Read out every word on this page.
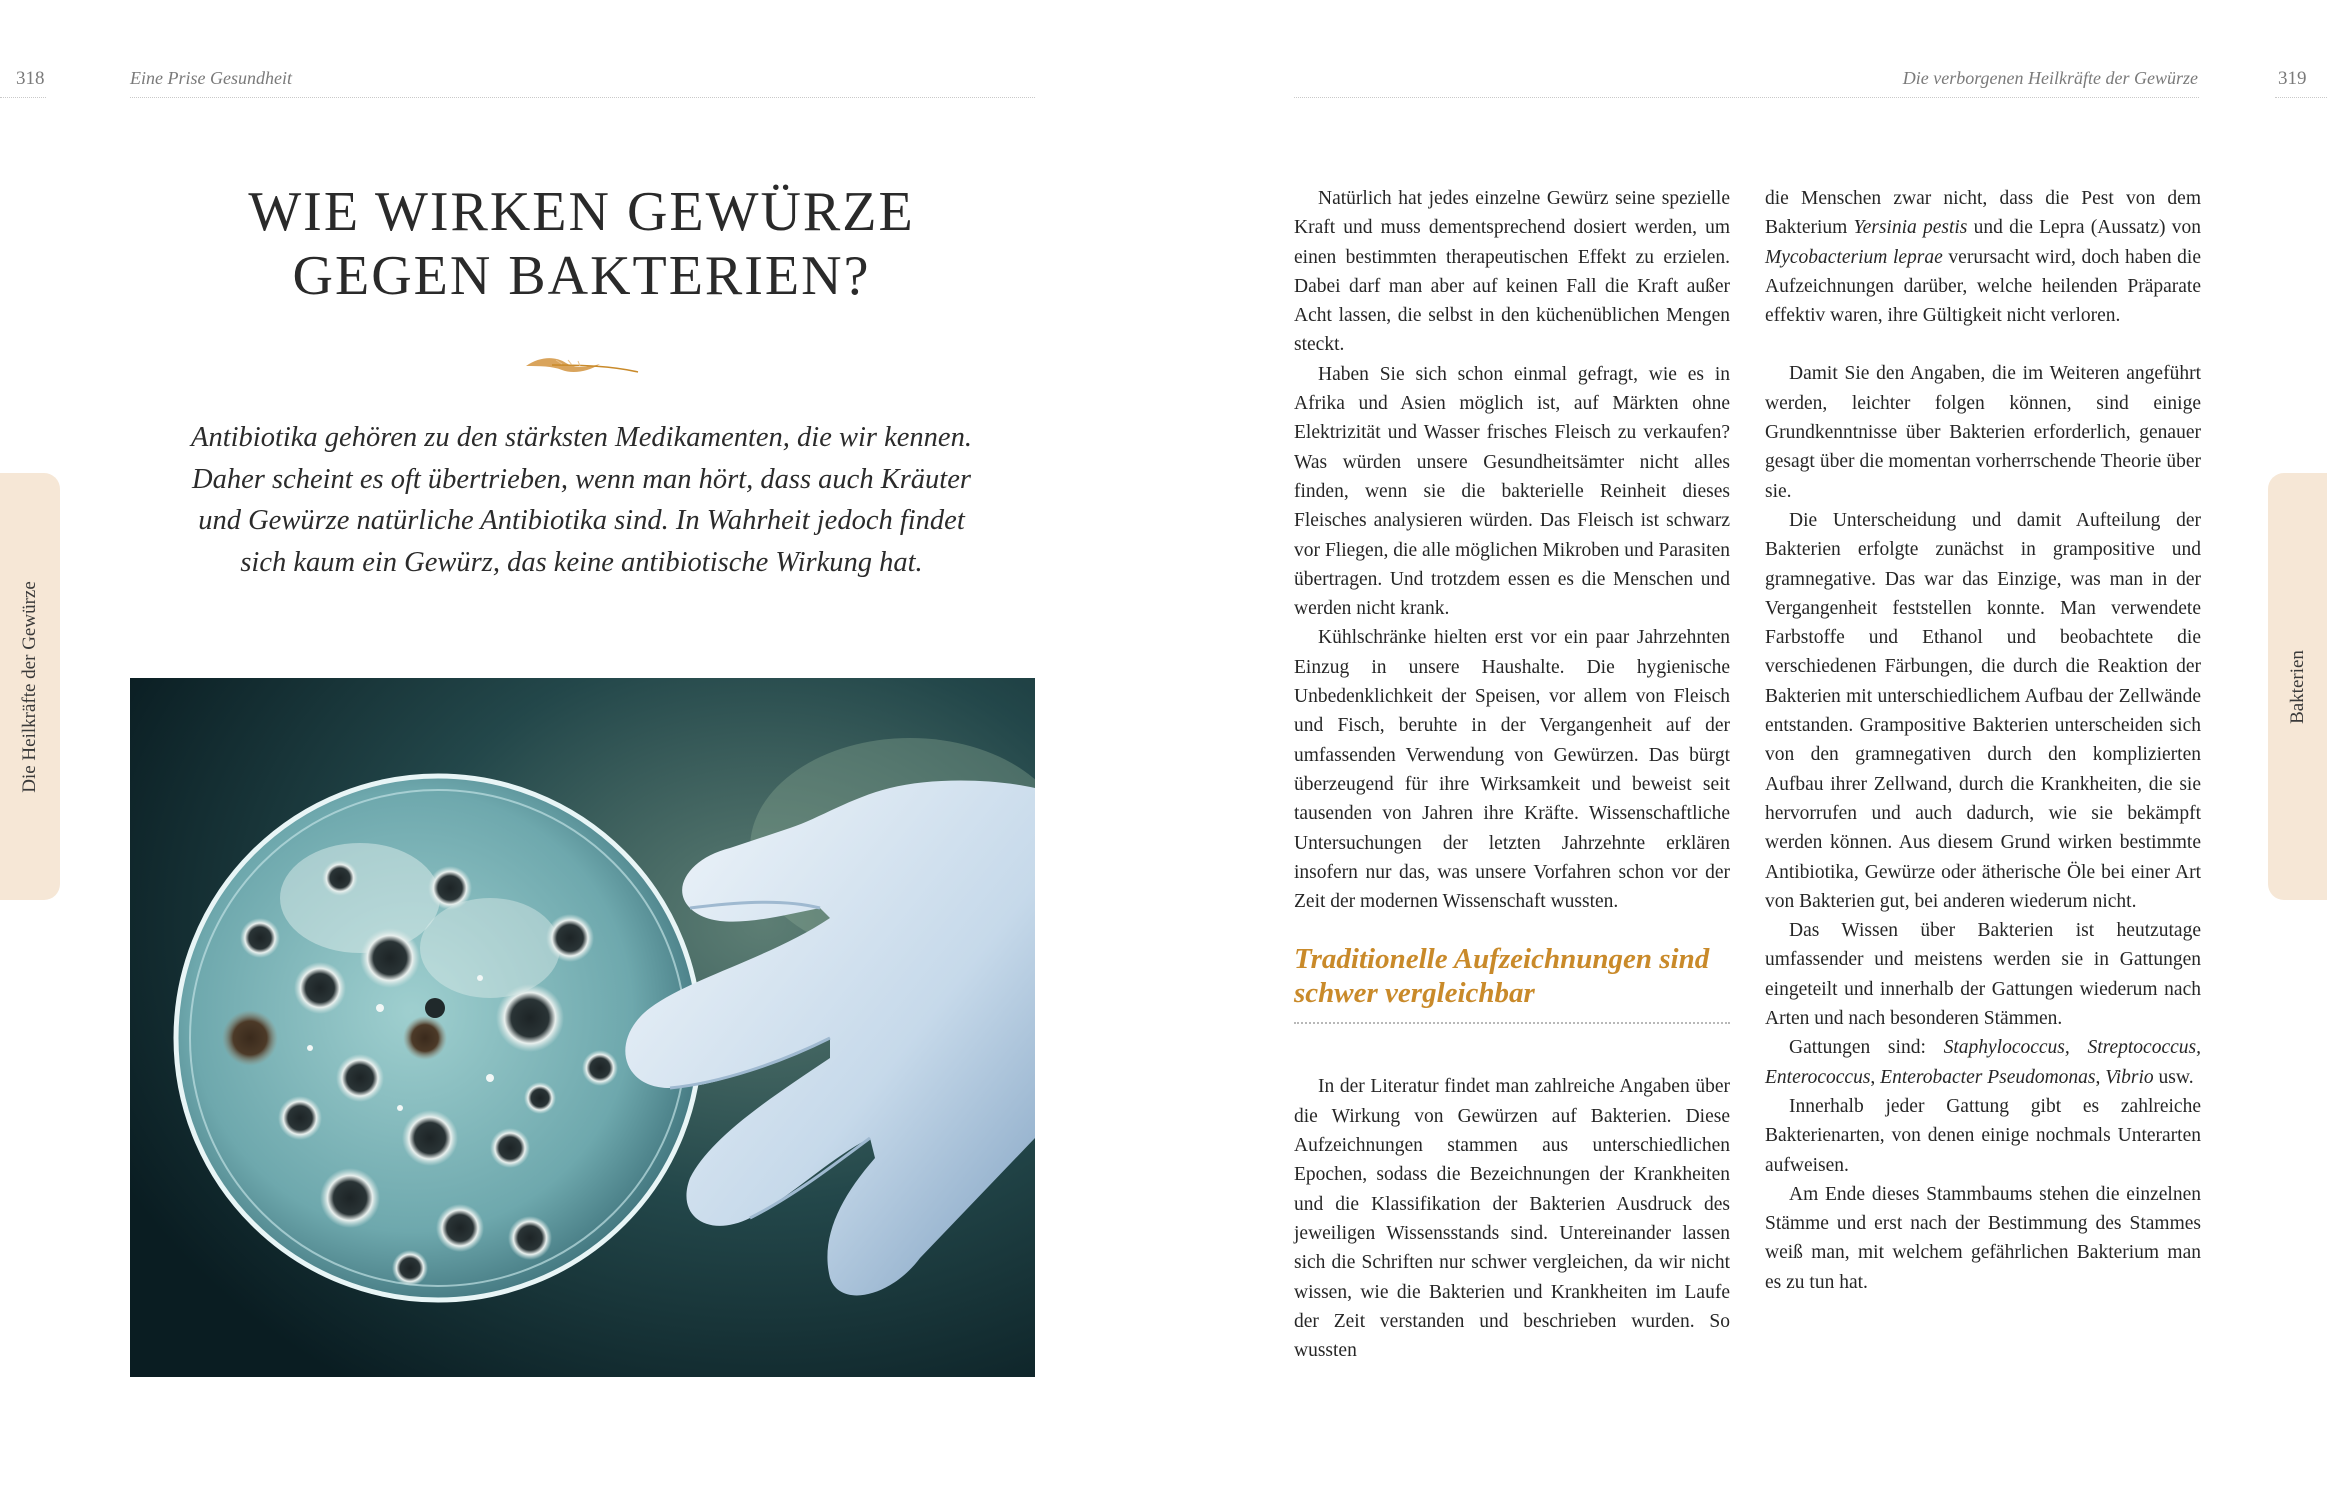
318	Eine Prise Gesundheit
Die Heilkräfte der Gewürze
WIE WIRKEN GEWÜRZE
GEGEN BAKTERIEN?

Antibiotika gehören zu den stärksten Medikamenten, die wir kennen. Daher scheint es oft übertrieben, wenn man hört, dass auch Kräuter und Gewürze natürliche Antibiotika sind. In Wahrheit jedoch findet sich kaum ein Gewürz, das keine antibiotische Wirkung hat.

Die verborgenen Heilkräfte der Gewürze	319
Bakterien

Natürlich hat jedes einzelne Gewürz seine spezielle Kraft und muss dementsprechend dosiert werden, um einen bestimmten therapeutischen Effekt zu erzielen. Dabei darf man aber auf keinen Fall die Kraft außer Acht lassen, die selbst in den küchenüblichen Mengen steckt.

Haben Sie sich schon einmal gefragt, wie es in Afrika und Asien möglich ist, auf Märkten ohne Elektrizität und Wasser frisches Fleisch zu verkaufen? Was würden unsere Gesundheitsämter nicht alles finden, wenn sie die bakterielle Reinheit dieses Fleisches analysieren würden. Das Fleisch ist schwarz vor Fliegen, die alle möglichen Mikroben und Parasiten übertragen. Und trotzdem essen es die Menschen und werden nicht krank.

Kühlschränke hielten erst vor ein paar Jahrzehnten Einzug in unsere Haushalte. Die hygienische Unbedenklichkeit der Speisen, vor allem von Fleisch und Fisch, beruhte in der Vergangenheit auf der umfassenden Verwendung von Gewürzen. Das bürgt überzeugend für ihre Wirksamkeit und beweist seit tausenden von Jahren ihre Kräfte. Wissenschaftliche Untersuchungen der letzten Jahrzehnte erklären insofern nur das, was unsere Vorfahren schon vor der Zeit der modernen Wissenschaft wussten.

Traditionelle Aufzeichnungen sind schwer vergleichbar

In der Literatur findet man zahlreiche Angaben über die Wirkung von Gewürzen auf Bakterien. Diese Aufzeichnungen stammen aus unterschiedlichen Epochen, sodass die Bezeichnungen der Krankheiten und die Klassifikation der Bakterien Ausdruck des jeweiligen Wissensstands sind. Untereinander lassen sich die Schriften nur schwer vergleichen, da wir nicht wissen, wie die Bakterien und Krankheiten im Laufe der Zeit verstanden und beschrieben wurden. So wussten

die Menschen zwar nicht, dass die Pest von dem Bakterium Yersinia pestis und die Lepra (Aussatz) von Mycobacterium leprae verursacht wird, doch haben die Aufzeichnungen darüber, welche heilenden Präparate effektiv waren, ihre Gültigkeit nicht verloren.

Damit Sie den Angaben, die im Weiteren angeführt werden, leichter folgen können, sind einige Grundkenntnisse über Bakterien erforderlich, genauer gesagt über die momentan vorherrschende Theorie über sie.

Die Unterscheidung und damit Aufteilung der Bakterien erfolgte zunächst in grampositive und gramnegative. Das war das Einzige, was man in der Vergangenheit feststellen konnte. Man verwendete Farbstoffe und Ethanol und beobachtete die verschiedenen Färbungen, die durch die Reaktion der Bakterien mit unterschiedlichem Aufbau der Zellwände entstanden. Grampositive Bakterien unterscheiden sich von den gramnegativen durch den komplizierten Aufbau ihrer Zellwand, durch die Krankheiten, die sie hervorrufen und auch dadurch, wie sie bekämpft werden können. Aus diesem Grund wirken bestimmte Antibiotika, Gewürze oder ätherische Öle bei einer Art von Bakterien gut, bei anderen wiederum nicht.

Das Wissen über Bakterien ist heutzutage umfassender und meistens werden sie in Gattungen eingeteilt und innerhalb der Gattungen wiederum nach Arten und nach besonderen Stämmen.

Gattungen sind: Staphylococcus, Streptococcus, Enterococcus, Enterobacter Pseudomonas, Vibrio usw.

Innerhalb jeder Gattung gibt es zahlreiche Bakterienarten, von denen einige nochmals Unterarten aufweisen.

Am Ende dieses Stammbaums stehen die einzelnen Stämme und erst nach der Bestimmung des Stammes weiß man, mit welchem gefährlichen Bakterium man es zu tun hat.
